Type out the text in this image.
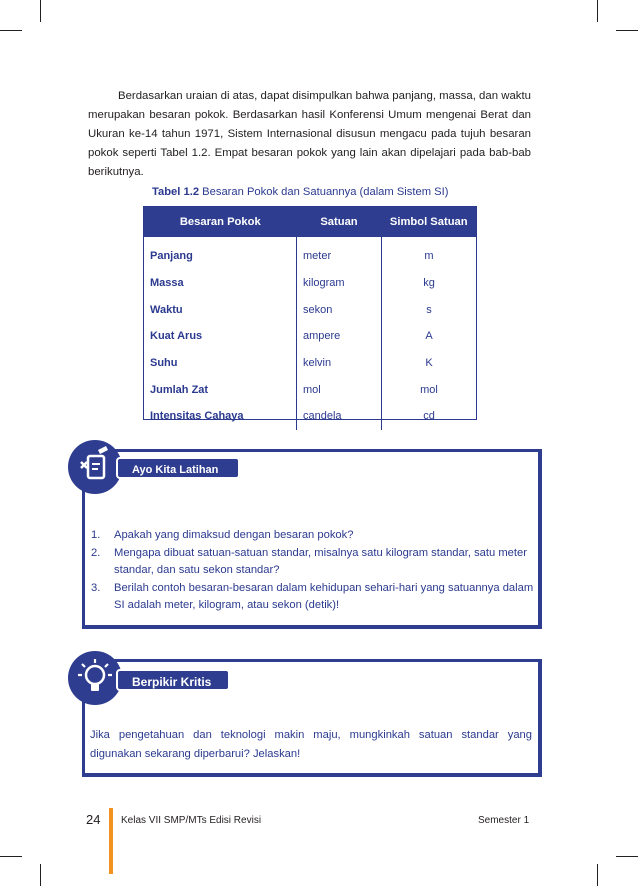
Berdasarkan uraian di atas, dapat disimpulkan bahwa panjang, massa, dan waktu merupakan besaran pokok. Berdasarkan hasil Konferensi Umum mengenai Berat dan Ukuran ke-14 tahun 1971, Sistem Internasional disusun mengacu pada tujuh besaran pokok seperti Tabel 1.2. Empat besaran pokok yang lain akan dipelajari pada bab-bab berikutnya.

Tabel 1.2 Besaran Pokok dan Satuannya (dalam Sistem SI)
Besaran Pokok	Satuan	Simbol Satuan
Panjang	meter	m
Massa	kilogram	kg
Waktu	sekon	s
Kuat Arus	ampere	A
Suhu	kelvin	K
Jumlah Zat	mol	mol
Intensitas Cahaya	candela	cd
Ayo Kita Latihan
1. Apakah yang dimaksud dengan besaran pokok?
2. Mengapa dibuat satuan-satuan standar, misalnya satu kilogram standar, satu meter standar, dan satu sekon standar?
3. Berilah contoh besaran-besaran dalam kehidupan sehari-hari yang satuannya dalam SI adalah meter, kilogram, atau sekon (detik)!
Berpikir Kritis

Jika pengetahuan dan teknologi makin maju, mungkinkah satuan standar yang digunakan sekarang diperbarui? Jelaskan!

24 Kelas VII SMP/MTs Edisi Revisi	Semester 1
